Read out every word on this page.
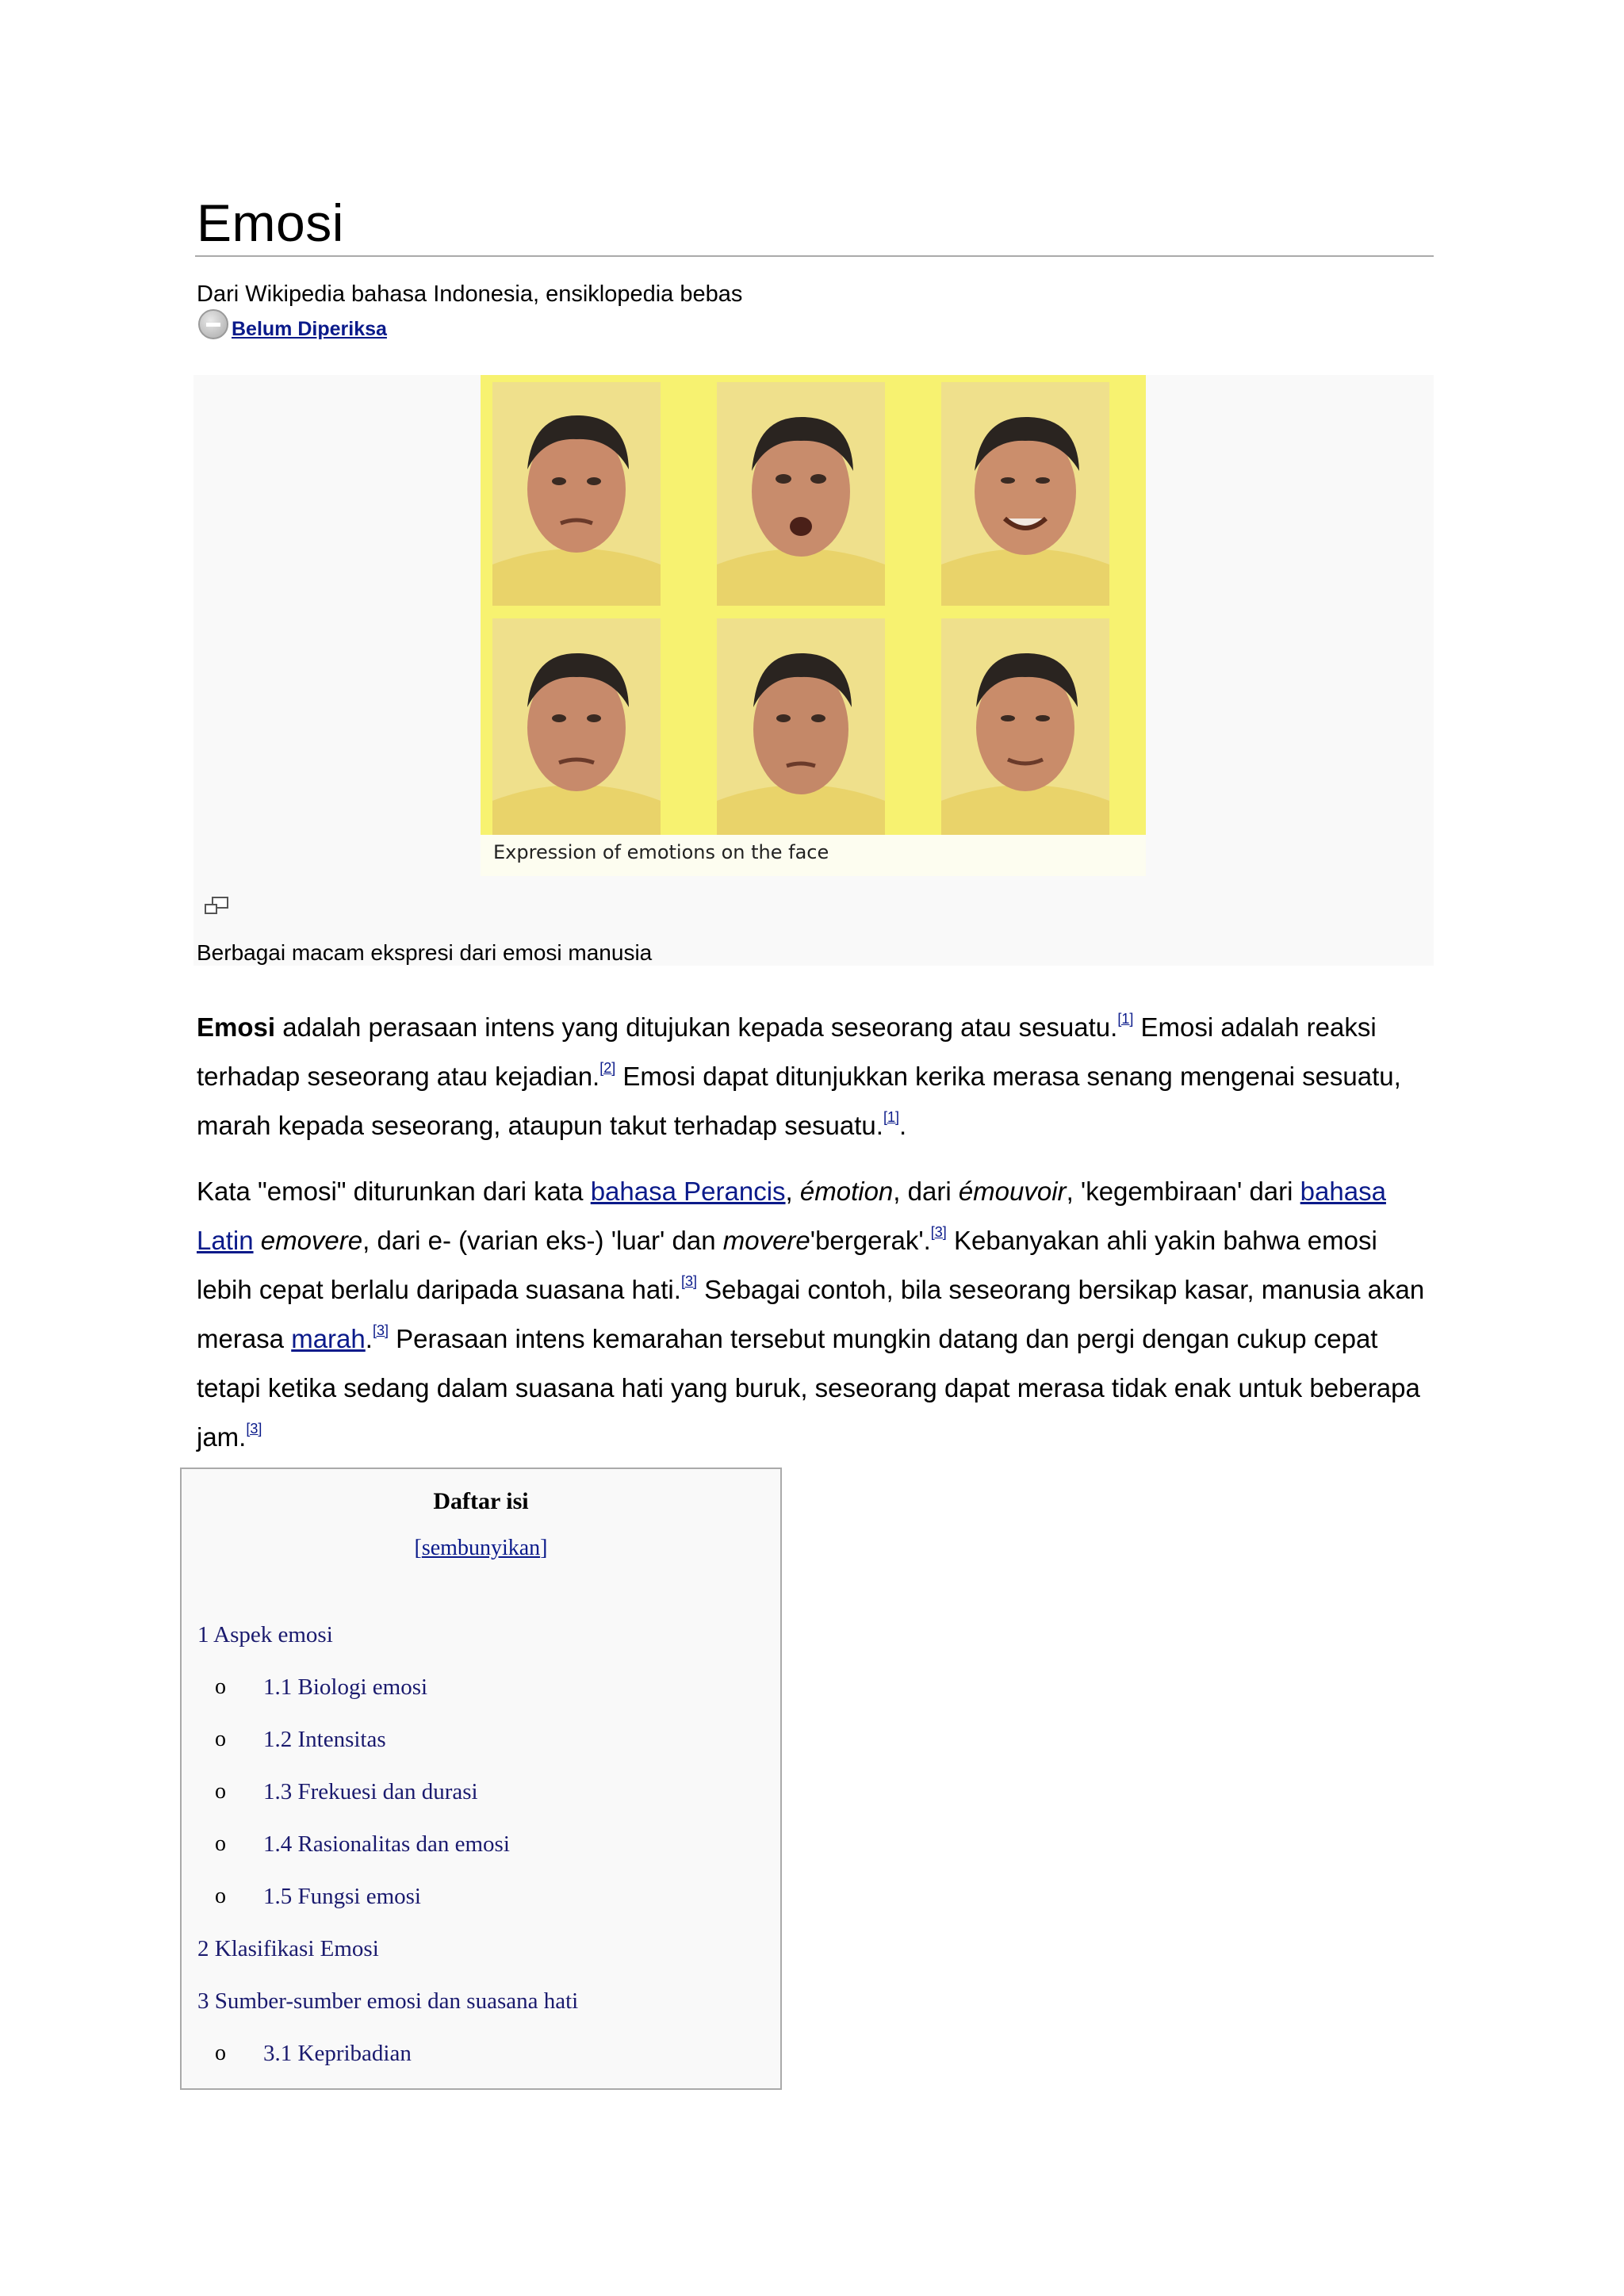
Emosi
Dari Wikipedia bahasa Indonesia, ensiklopedia bebas
Belum Diperiksa
Expression of emotions on the face
Berbagai macam ekspresi dari emosi manusia

Emosi adalah perasaan intens yang ditujukan kepada seseorang atau sesuatu.[1] Emosi adalah reaksi terhadap seseorang atau kejadian.[2] Emosi dapat ditunjukkan kerika merasa senang mengenai sesuatu, marah kepada seseorang, ataupun takut terhadap sesuatu.[1].

Kata "emosi" diturunkan dari kata bahasa Perancis, émotion, dari émouvoir, 'kegembiraan' dari bahasa Latin emovere, dari e- (varian eks-) 'luar' dan movere'bergerak'.[3] Kebanyakan ahli yakin bahwa emosi lebih cepat berlalu daripada suasana hati.[3] Sebagai contoh, bila seseorang bersikap kasar, manusia akan merasa marah.[3] Perasaan intens kemarahan tersebut mungkin datang dan pergi dengan cukup cepat tetapi ketika sedang dalam suasana hati yang buruk, seseorang dapat merasa tidak enak untuk beberapa jam.[3]

Daftar isi
[sembunyikan]
1 Aspek emosi
o 1.1 Biologi emosi
o 1.2 Intensitas
o 1.3 Frekuesi dan durasi
o 1.4 Rasionalitas dan emosi
o 1.5 Fungsi emosi
2 Klasifikasi Emosi
3 Sumber-sumber emosi dan suasana hati
o 3.1 Kepribadian
